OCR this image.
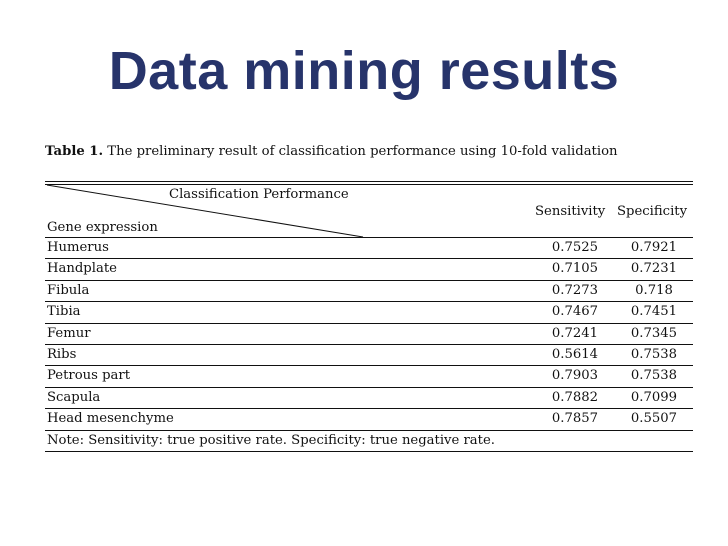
Data mining results
Table 1. The preliminary result of classification performance using 10-fold validation
Classification Performance
Gene expression
Sensitivity Specificity
Humerus	0.7525	0.7921
Handplate	0.7105	0.7231
Fibula	0.7273	0.718
Tibia	0.7467	0.7451
Femur	0.7241	0.7345
Ribs	0.5614	0.7538
Petrous part	0.7903	0.7538
Scapula	0.7882	0.7099
Head mesenchyme	0.7857	0.5507
Note: Sensitivity: true positive rate. Specificity: true negative rate.
